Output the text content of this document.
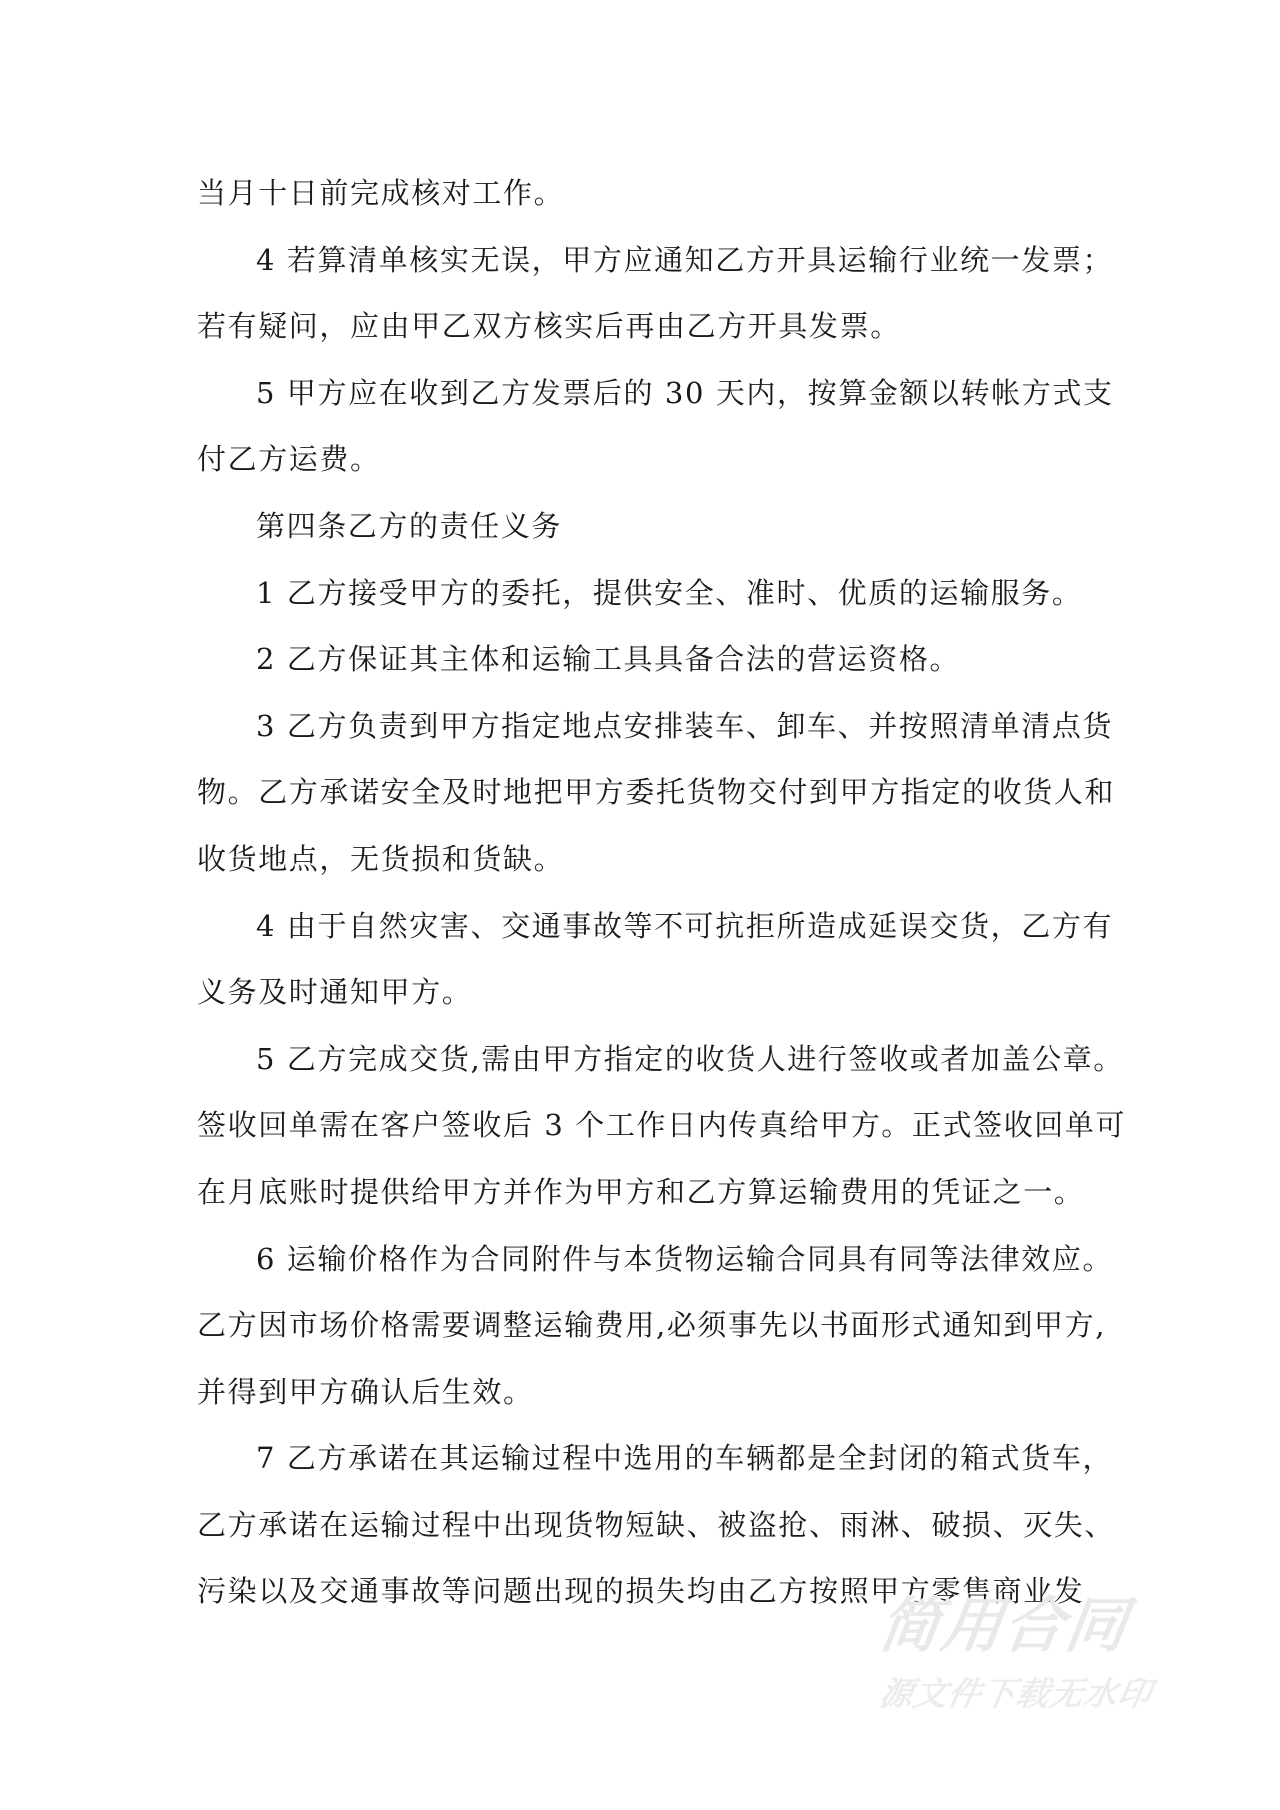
当月十日前完成核对工作。

4 若算清单核实无误，甲方应通知乙方开具运输行业统一发票；
若有疑问，应由甲乙双方核实后再由乙方开具发票。

5 甲方应在收到乙方发票后的 30 天内，按算金额以转帐方式支
付乙方运费。

第四条乙方的责任义务

1 乙方接受甲方的委托，提供安全、准时、优质的运输服务。

2 乙方保证其主体和运输工具具备合法的营运资格。

3 乙方负责到甲方指定地点安排装车、卸车、并按照清单清点货
物。乙方承诺安全及时地把甲方委托货物交付到甲方指定的收货人和
收货地点，无货损和货缺。

4 由于自然灾害、交通事故等不可抗拒所造成延误交货，乙方有
义务及时通知甲方。

5 乙方完成交货,需由甲方指定的收货人进行签收或者加盖公章。
签收回单需在客户签收后 3 个工作日内传真给甲方。正式签收回单可
在月底账时提供给甲方并作为甲方和乙方算运输费用的凭证之一。

6 运输价格作为合同附件与本货物运输合同具有同等法律效应。
乙方因市场价格需要调整运输费用,必须事先以书面形式通知到甲方,
并得到甲方确认后生效。

7 乙方承诺在其运输过程中选用的车辆都是全封闭的箱式货车，
乙方承诺在运输过程中出现货物短缺、被盗抢、雨淋、破损、灭失、
污染以及交通事故等问题出现的损失均由乙方按照甲方零售商业发

简用合同
源文件下载无水印
